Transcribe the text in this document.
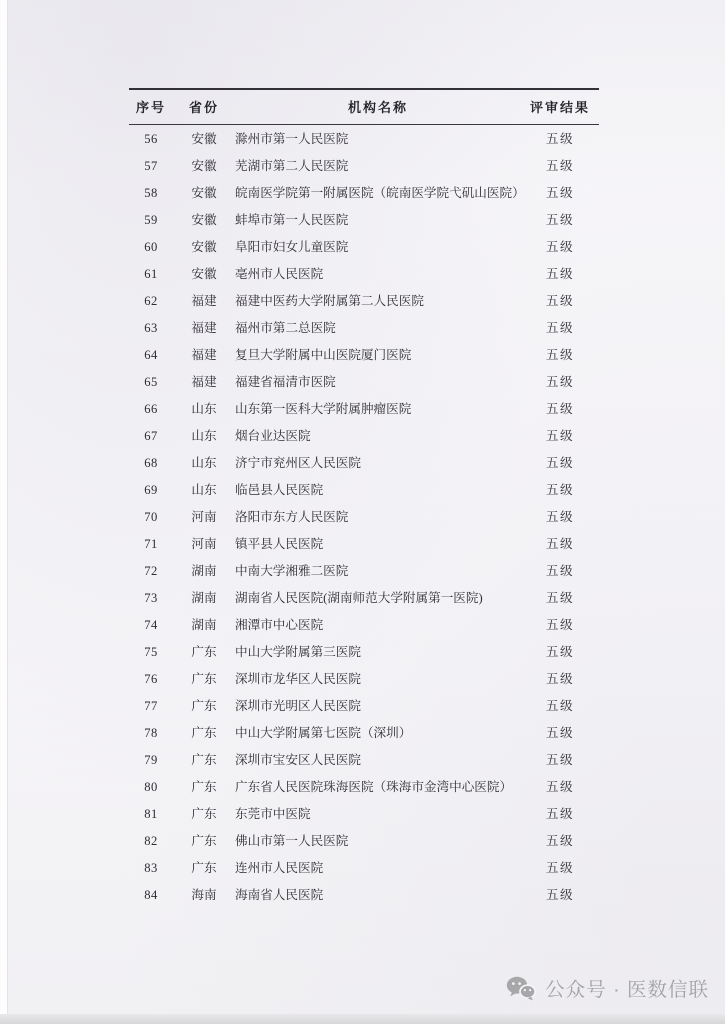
序号	省份	机构名称	评审结果
56	安徽	滁州市第一人民医院	五级
57	安徽	芜湖市第二人民医院	五级
58	安徽	皖南医学院第一附属医院（皖南医学院弋矶山医院）	五级
59	安徽	蚌埠市第一人民医院	五级
60	安徽	阜阳市妇女儿童医院	五级
61	安徽	亳州市人民医院	五级
62	福建	福建中医药大学附属第二人民医院	五级
63	福建	福州市第二总医院	五级
64	福建	复旦大学附属中山医院厦门医院	五级
65	福建	福建省福清市医院	五级
66	山东	山东第一医科大学附属肿瘤医院	五级
67	山东	烟台业达医院	五级
68	山东	济宁市兖州区人民医院	五级
69	山东	临邑县人民医院	五级
70	河南	洛阳市东方人民医院	五级
71	河南	镇平县人民医院	五级
72	湖南	中南大学湘雅二医院	五级
73	湖南	湖南省人民医院(湖南师范大学附属第一医院)	五级
74	湖南	湘潭市中心医院	五级
75	广东	中山大学附属第三医院	五级
76	广东	深圳市龙华区人民医院	五级
77	广东	深圳市光明区人民医院	五级
78	广东	中山大学附属第七医院（深圳）	五级
79	广东	深圳市宝安区人民医院	五级
80	广东	广东省人民医院珠海医院（珠海市金湾中心医院）	五级
81	广东	东莞市中医院	五级
82	广东	佛山市第一人民医院	五级
83	广东	连州市人民医院	五级
84	海南	海南省人民医院	五级
公众号 · 医数信联
